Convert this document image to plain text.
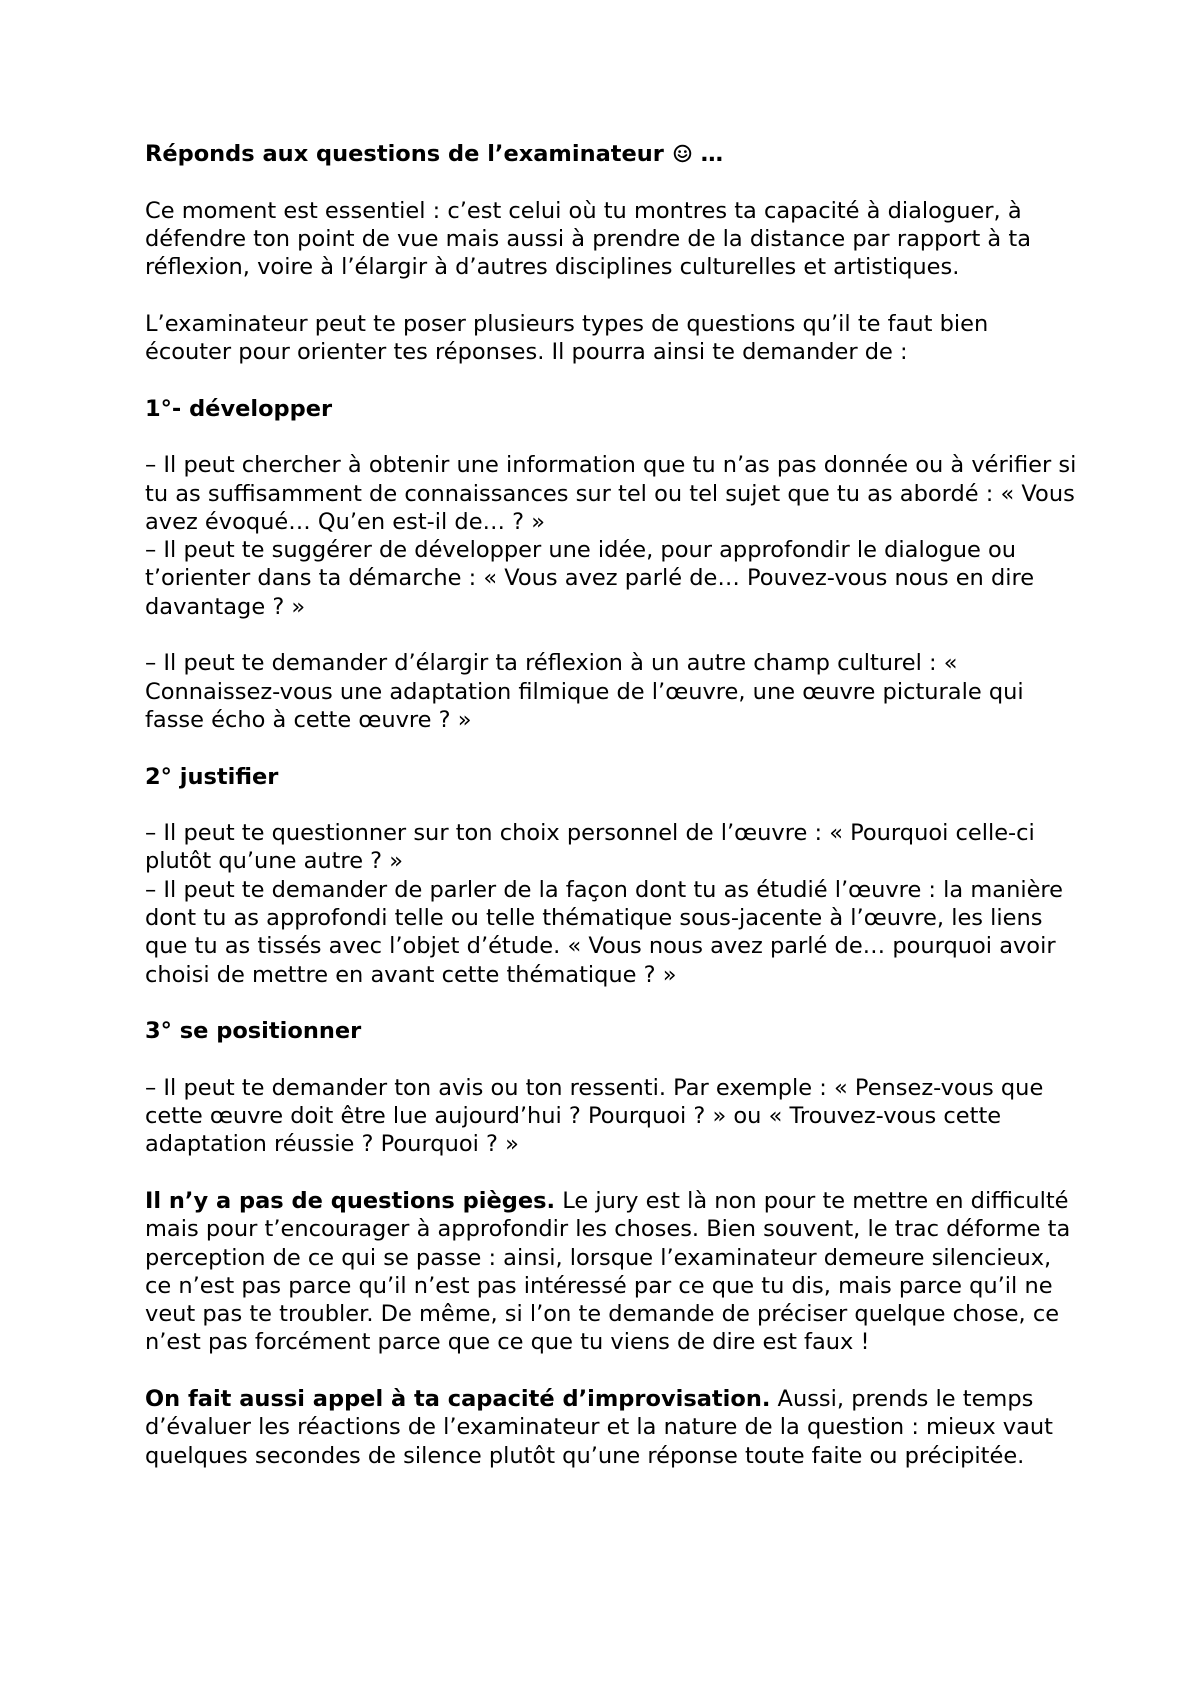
Réponds aux questions de l’examinateur …

Ce moment est essentiel : c’est celui où tu montres ta capacité à dialoguer, à défendre ton point de vue mais aussi à prendre de la distance par rapport à ta réflexion, voire à l’élargir à d’autres disciplines culturelles et artistiques.

L’examinateur peut te poser plusieurs types de questions qu’il te faut bien écouter pour orienter tes réponses. Il pourra ainsi te demander de :

1°- développer

– Il peut chercher à obtenir une information que tu n’as pas donnée ou à vérifier si tu as suffisamment de connaissances sur tel ou tel sujet que tu as abordé : « Vous avez évoqué… Qu’en est-il de… ? »

– Il peut te suggérer de développer une idée, pour approfondir le dialogue ou t’orienter dans ta démarche : « Vous avez parlé de… Pouvez-vous nous en dire davantage ? »

– Il peut te demander d’élargir ta réflexion à un autre champ culturel : « Connaissez-vous une adaptation filmique de l’œuvre, une œuvre picturale qui fasse écho à cette œuvre ? »

2° justifier

– Il peut te questionner sur ton choix personnel de l’œuvre : « Pourquoi celle-ci plutôt qu’une autre ? »

– Il peut te demander de parler de la façon dont tu as étudié l’œuvre : la manière dont tu as approfondi telle ou telle thématique sous-jacente à l’œuvre, les liens que tu as tissés avec l’objet d’étude. « Vous nous avez parlé de… pourquoi avoir choisi de mettre en avant cette thématique ? »

3° se positionner

– Il peut te demander ton avis ou ton ressenti. Par exemple : « Pensez-vous que cette œuvre doit être lue aujourd’hui ? Pourquoi ? » ou « Trouvez-vous cette adaptation réussie ? Pourquoi ? »

Il n’y a pas de questions pièges. Le jury est là non pour te mettre en difficulté mais pour t’encourager à approfondir les choses. Bien souvent, le trac déforme ta perception de ce qui se passe : ainsi, lorsque l’examinateur demeure silencieux, ce n’est pas parce qu’il n’est pas intéressé par ce que tu dis, mais parce qu’il ne veut pas te troubler. De même, si l’on te demande de préciser quelque chose, ce n’est pas forcément parce que ce que tu viens de dire est faux !

On fait aussi appel à ta capacité d’improvisation. Aussi, prends le temps d’évaluer les réactions de l’examinateur et la nature de la question : mieux vaut quelques secondes de silence plutôt qu’une réponse toute faite ou précipitée.
